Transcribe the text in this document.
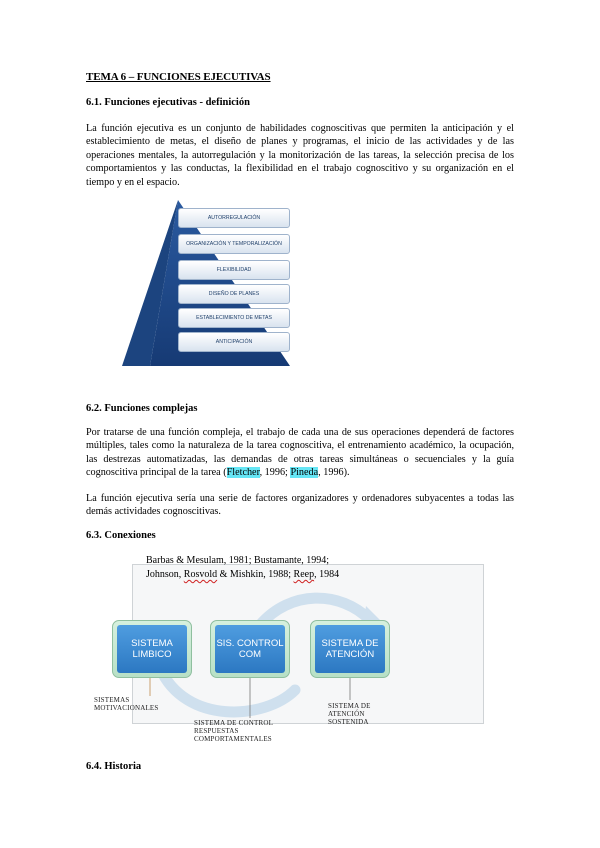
TEMA 6 – FUNCIONES EJECUTIVAS
6.1. Funciones ejecutivas - definición
La función ejecutiva es un conjunto de habilidades cognoscitivas que permiten la anticipación y el establecimiento de metas, el diseño de planes y programas, el inicio de las actividades y de las operaciones mentales, la autorregulación y la monitorización de las tareas, la selección precisa de los comportamientos y las conductas, la flexibilidad en el trabajo cognoscitivo y su organización en el tiempo y en el espacio.
AUTORREGULACIÓN
ORGANIZACIÓN Y TEMPORALIZACIÓN
FLEXIBILIDAD
DISEÑO DE PLANES
ESTABLECIMIENTO DE METAS
ANTICIPACIÓN
6.2. Funciones complejas
Por tratarse de una función compleja, el trabajo de cada una de sus operaciones dependerá de factores múltiples, tales como la naturaleza de la tarea cognoscitiva, el entrenamiento académico, la ocupación, las destrezas automatizadas, las demandas de otras tareas simultáneas o secuenciales y la guía cognoscitiva principal de la tarea (Fletcher, 1996; Pineda, 1996).
La función ejecutiva sería una serie de factores organizadores y ordenadores subyacentes a todas las demás actividades cognoscitivas.
6.3. Conexiones
Barbas & Mesulam, 1981; Bustamante, 1994;
Johnson, Rosvold & Mishkin, 1988; Reep, 1984
SISTEMA LIMBICO
SIS. CONTROL COM
SISTEMA DE ATENCIÓN
SISTEMAS MOTIVACIONALES
SISTEMA DE CONTROL RESPUESTAS COMPORTAMENTALES
SISTEMA DE ATENCIÓN SOSTENIDA
6.4. Historia
